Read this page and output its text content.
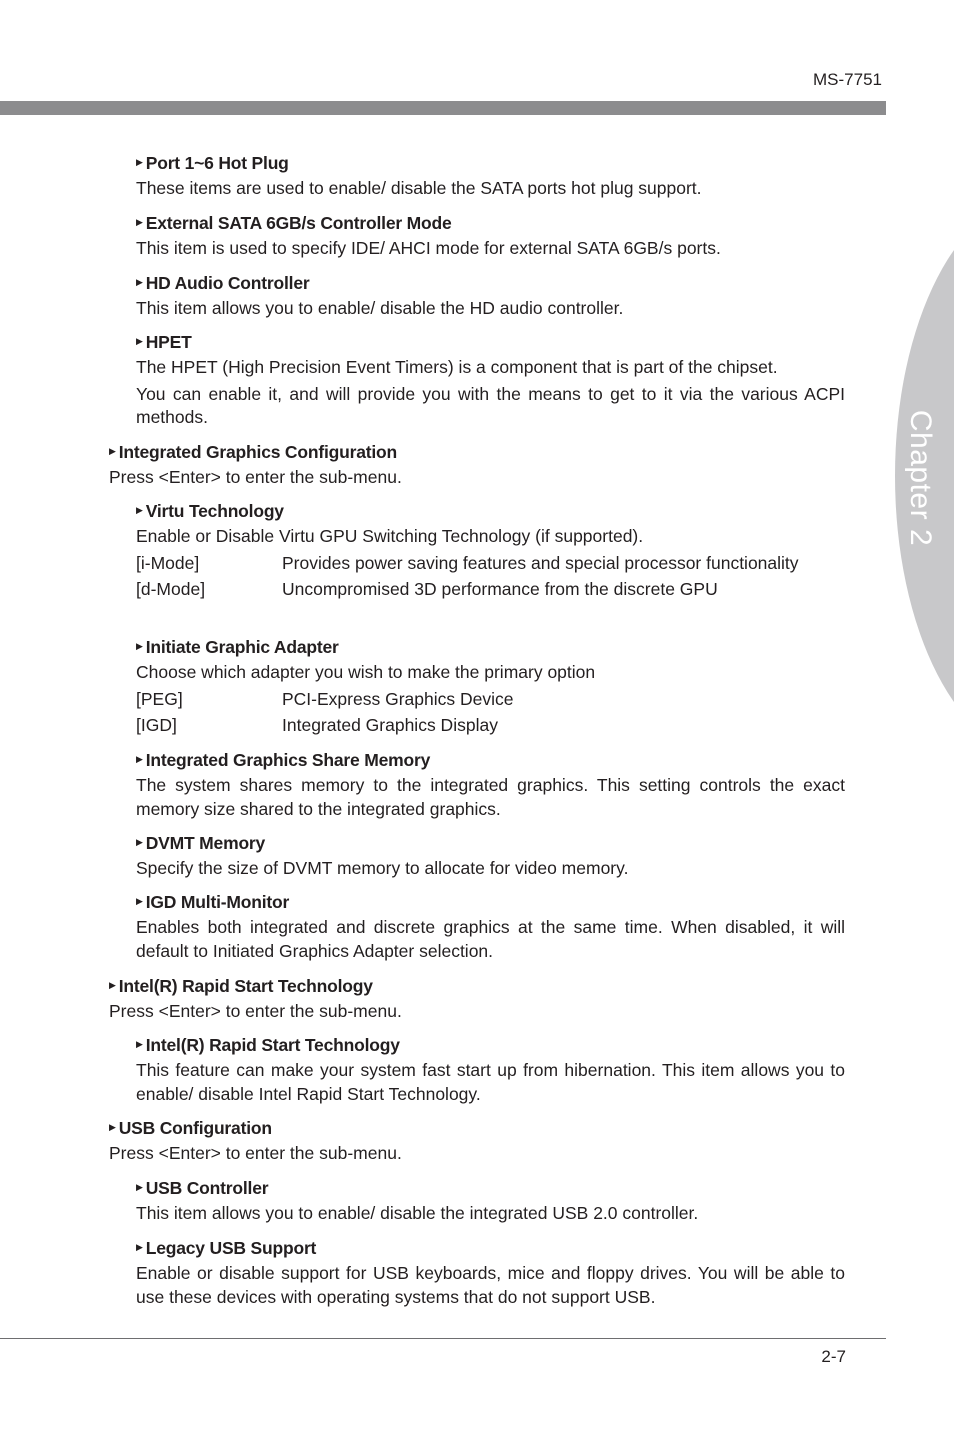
MS-7751
Chapter 2
▶ Port 1~6 Hot Plug
These items are used to enable/ disable the SATA ports hot plug support.
▶ External SATA 6GB/s Controller Mode
This item is used to specify IDE/ AHCI mode for external SATA 6GB/s ports.
▶ HD Audio Controller
This item allows you to enable/ disable the HD audio controller.
▶ HPET
The HPET (High Precision Event Timers) is a component that is part of the chipset.
You can enable it, and will provide you with the means to get to it via the various ACPI methods.
▶ Integrated Graphics Configuration
Press <Enter> to enter the sub-menu.
▶ Virtu Technology
Enable or Disable Virtu GPU Switching Technology (if supported).
[i-Mode]	Provides power saving features and special processor functionality
[d-Mode]	Uncompromised 3D performance from the discrete GPU
▶ Initiate Graphic Adapter
Choose which adapter you wish to make the primary option
[PEG]	PCI-Express Graphics Device
[IGD]	Integrated Graphics Display
▶ Integrated Graphics Share Memory
The system shares memory to the integrated graphics. This setting controls the exact memory size shared to the integrated graphics.
▶ DVMT Memory
Specify the size of DVMT memory to allocate for video memory.
▶ IGD Multi-Monitor
Enables both integrated and discrete graphics at the same time. When disabled, it will default to Initiated Graphics Adapter selection.
▶ Intel(R) Rapid Start Technology
Press <Enter> to enter the sub-menu.
▶ Intel(R) Rapid Start Technology
This feature can make your system fast start up from hibernation. This item allows you to enable/ disable Intel Rapid Start Technology.
▶ USB Configuration
Press <Enter> to enter the sub-menu.
▶ USB Controller
This item allows you to enable/ disable the integrated USB 2.0 controller.
▶ Legacy USB Support
Enable or disable support for USB keyboards, mice and floppy drives. You will be able to use these devices with operating systems that do not support USB.
2-7
